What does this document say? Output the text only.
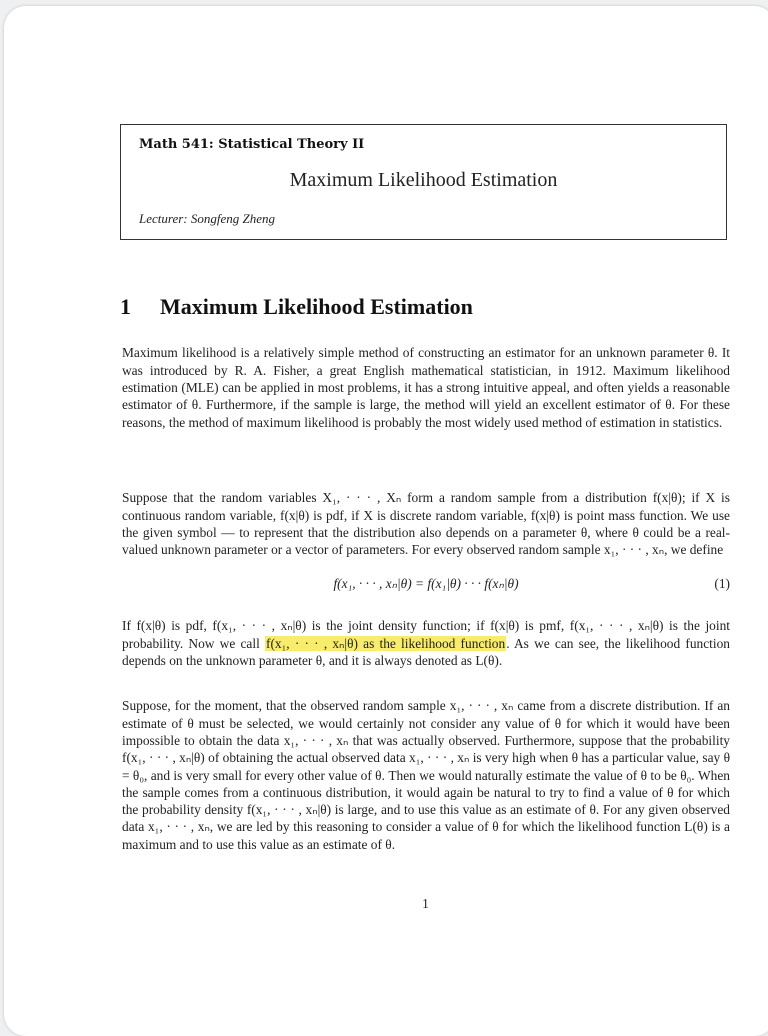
Math 541: Statistical Theory II
Maximum Likelihood Estimation
Lecturer: Songfeng Zheng
1 Maximum Likelihood Estimation

Maximum likelihood is a relatively simple method of constructing an estimator for an unknown parameter θ. It was introduced by R. A. Fisher, a great English mathematical statistician, in 1912. Maximum likelihood estimation (MLE) can be applied in most problems, it has a strong intuitive appeal, and often yields a reasonable estimator of θ. Furthermore, if the sample is large, the method will yield an excellent estimator of θ. For these reasons, the method of maximum likelihood is probably the most widely used method of estimation in statistics.

Suppose that the random variables X₁, · · · , Xₙ form a random sample from a distribution f(x|θ); if X is continuous random variable, f(x|θ) is pdf, if X is discrete random variable, f(x|θ) is point mass function. We use the given symbol — to represent that the distribution also depends on a parameter θ, where θ could be a real-valued unknown parameter or a vector of parameters. For every observed random sample x₁, · · · , xₙ, we define

f(x₁, · · · , xₙ|θ) = f(x₁|θ) · · · f(xₙ|θ)	(1)

If f(x|θ) is pdf, f(x₁, · · · , xₙ|θ) is the joint density function; if f(x|θ) is pmf, f(x₁, · · · , xₙ|θ) is the joint probability. Now we call f(x₁, · · · , xₙ|θ) as the likelihood function. As we can see, the likelihood function depends on the unknown parameter θ, and it is always denoted as L(θ).

Suppose, for the moment, that the observed random sample x₁, · · · , xₙ came from a discrete distribution. If an estimate of θ must be selected, we would certainly not consider any value of θ for which it would have been impossible to obtain the data x₁, · · · , xₙ that was actually observed. Furthermore, suppose that the probability f(x₁, · · · , xₙ|θ) of obtaining the actual observed data x₁, · · · , xₙ is very high when θ has a particular value, say θ = θ₀, and is very small for every other value of θ. Then we would naturally estimate the value of θ to be θ₀. When the sample comes from a continuous distribution, it would again be natural to try to find a value of θ for which the probability density f(x₁, · · · , xₙ|θ) is large, and to use this value as an estimate of θ. For any given observed data x₁, · · · , xₙ, we are led by this reasoning to consider a value of θ for which the likelihood function L(θ) is a maximum and to use this value as an estimate of θ.

1
